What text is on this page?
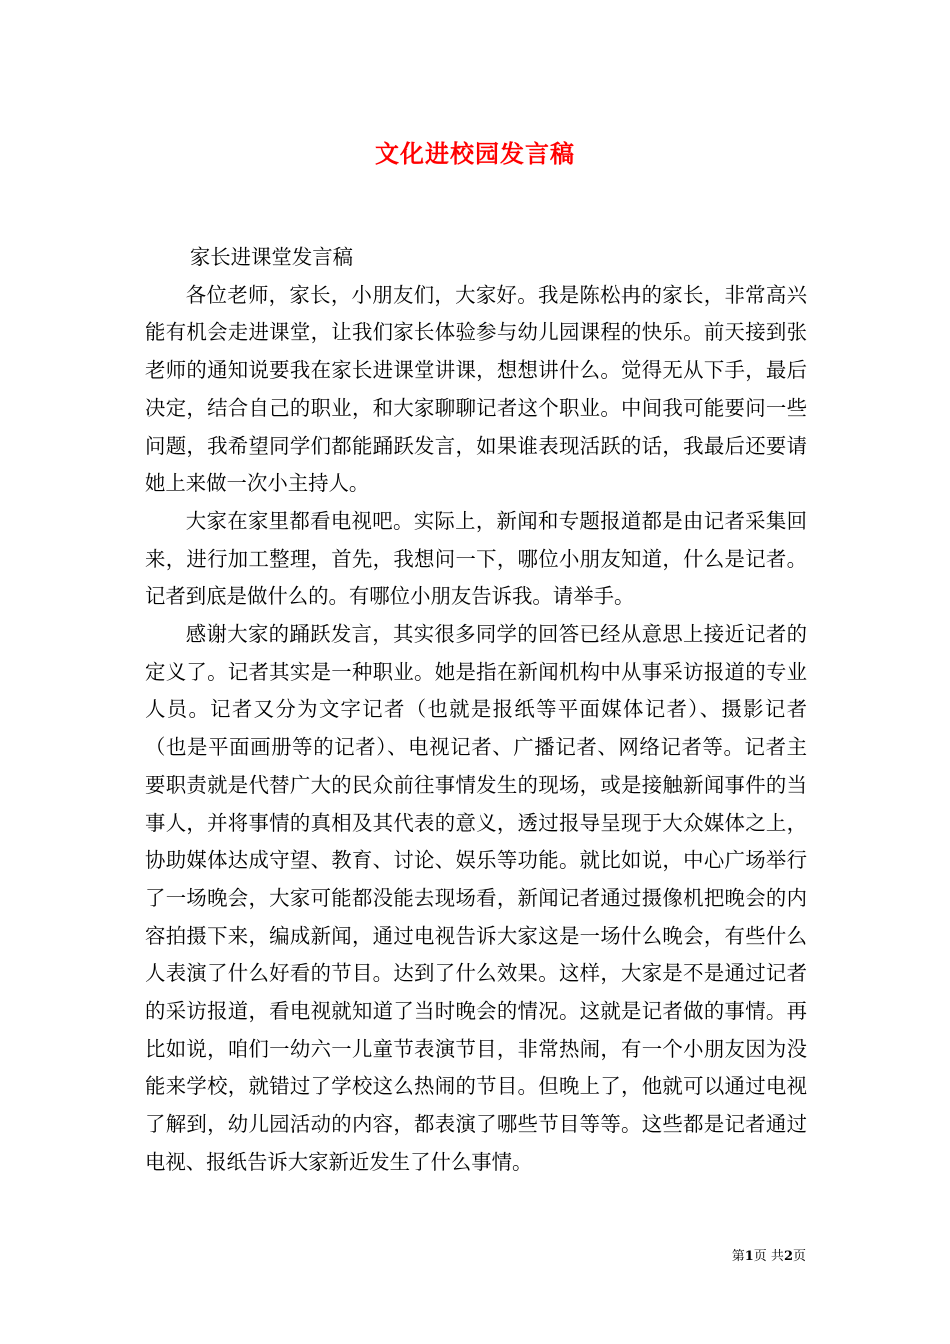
文化进校园发言稿

家长进课堂发言稿

各位老师，家长，小朋友们，大家好。我是陈松冉的家长，非常高兴能有机会走进课堂，让我们家长体验参与幼儿园课程的快乐。前天接到张老师的通知说要我在家长进课堂讲课，想想讲什么。觉得无从下手，最后决定，结合自己的职业，和大家聊聊记者这个职业。中间我可能要问一些问题，我希望同学们都能踊跃发言，如果谁表现活跃的话，我最后还要请她上来做一次小主持人。

大家在家里都看电视吧。实际上，新闻和专题报道都是由记者采集回来，进行加工整理，首先，我想问一下，哪位小朋友知道，什么是记者。记者到底是做什么的。有哪位小朋友告诉我。请举手。

感谢大家的踊跃发言，其实很多同学的回答已经从意思上接近记者的定义了。记者其实是一种职业。她是指在新闻机构中从事采访报道的专业人员。记者又分为文字记者（也就是报纸等平面媒体记者）、摄影记者（也是平面画册等的记者）、电视记者、广播记者、网络记者等。记者主要职责就是代替广大的民众前往事情发生的现场，或是接触新闻事件的当事人，并将事情的真相及其代表的意义，透过报导呈现于大众媒体之上，协助媒体达成守望、教育、讨论、娱乐等功能。就比如说，中心广场举行了一场晚会，大家可能都没能去现场看，新闻记者通过摄像机把晚会的内容拍摄下来，编成新闻，通过电视告诉大家这是一场什么晚会，有些什么人表演了什么好看的节目。达到了什么效果。这样，大家是不是通过记者的采访报道，看电视就知道了当时晚会的情况。这就是记者做的事情。再比如说，咱们一幼六一儿童节表演节目，非常热闹，有一个小朋友因为没能来学校，就错过了学校这么热闹的节目。但晚上了，他就可以通过电视了解到，幼儿园活动的内容，都表演了哪些节目等等。这些都是记者通过电视、报纸告诉大家新近发生了什么事情。

第1页 共2页
